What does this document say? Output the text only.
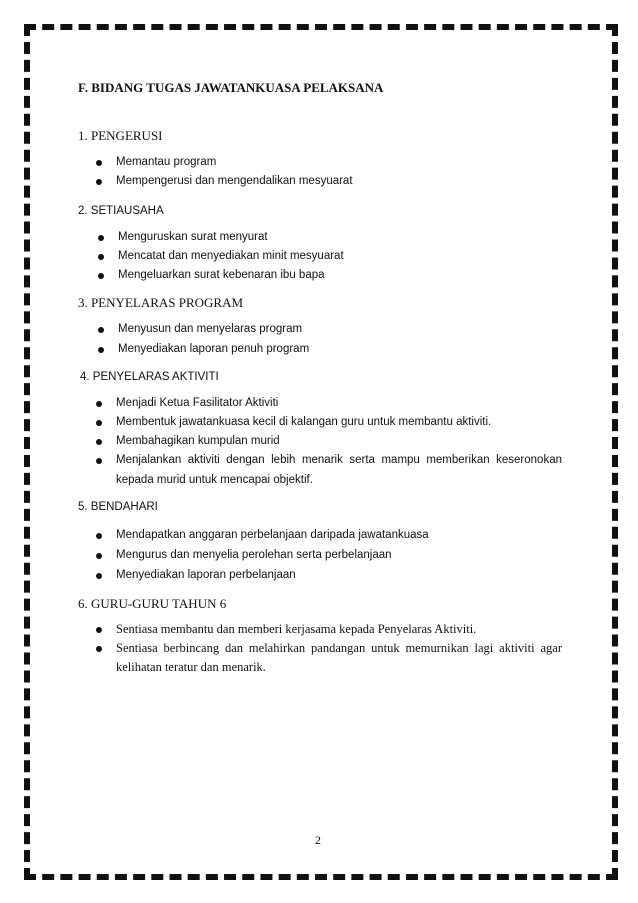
F. BIDANG TUGAS JAWATANKUASA PELAKSANA
1. PENGERUSI
Memantau program
Mempengerusi dan mengendalikan mesyuarat
2. SETIAUSAHA
Menguruskan surat menyurat
Mencatat dan menyediakan minit mesyuarat
Mengeluarkan surat kebenaran ibu bapa
3. PENYELARAS PROGRAM
Menyusun dan menyelaras program
Menyediakan laporan penuh program
4. PENYELARAS AKTIVITI
Menjadi Ketua Fasilitator Aktiviti
Membentuk jawatankuasa kecil di kalangan guru untuk membantu aktiviti.
Membahagikan kumpulan murid
Menjalankan aktiviti dengan lebih menarik serta mampu memberikan keseronokan
kepada murid untuk mencapai objektif.
5. BENDAHARI
Mendapatkan anggaran perbelanjaan daripada jawatankuasa
Mengurus dan menyelia perolehan serta perbelanjaan
Menyediakan laporan perbelanjaan
6. GURU-GURU TAHUN 6
Sentiasa membantu dan memberi kerjasama kepada Penyelaras Aktiviti.
Sentiasa berbincang dan melahirkan pandangan untuk memurnikan lagi aktiviti agar
kelihatan teratur dan menarik.
2
